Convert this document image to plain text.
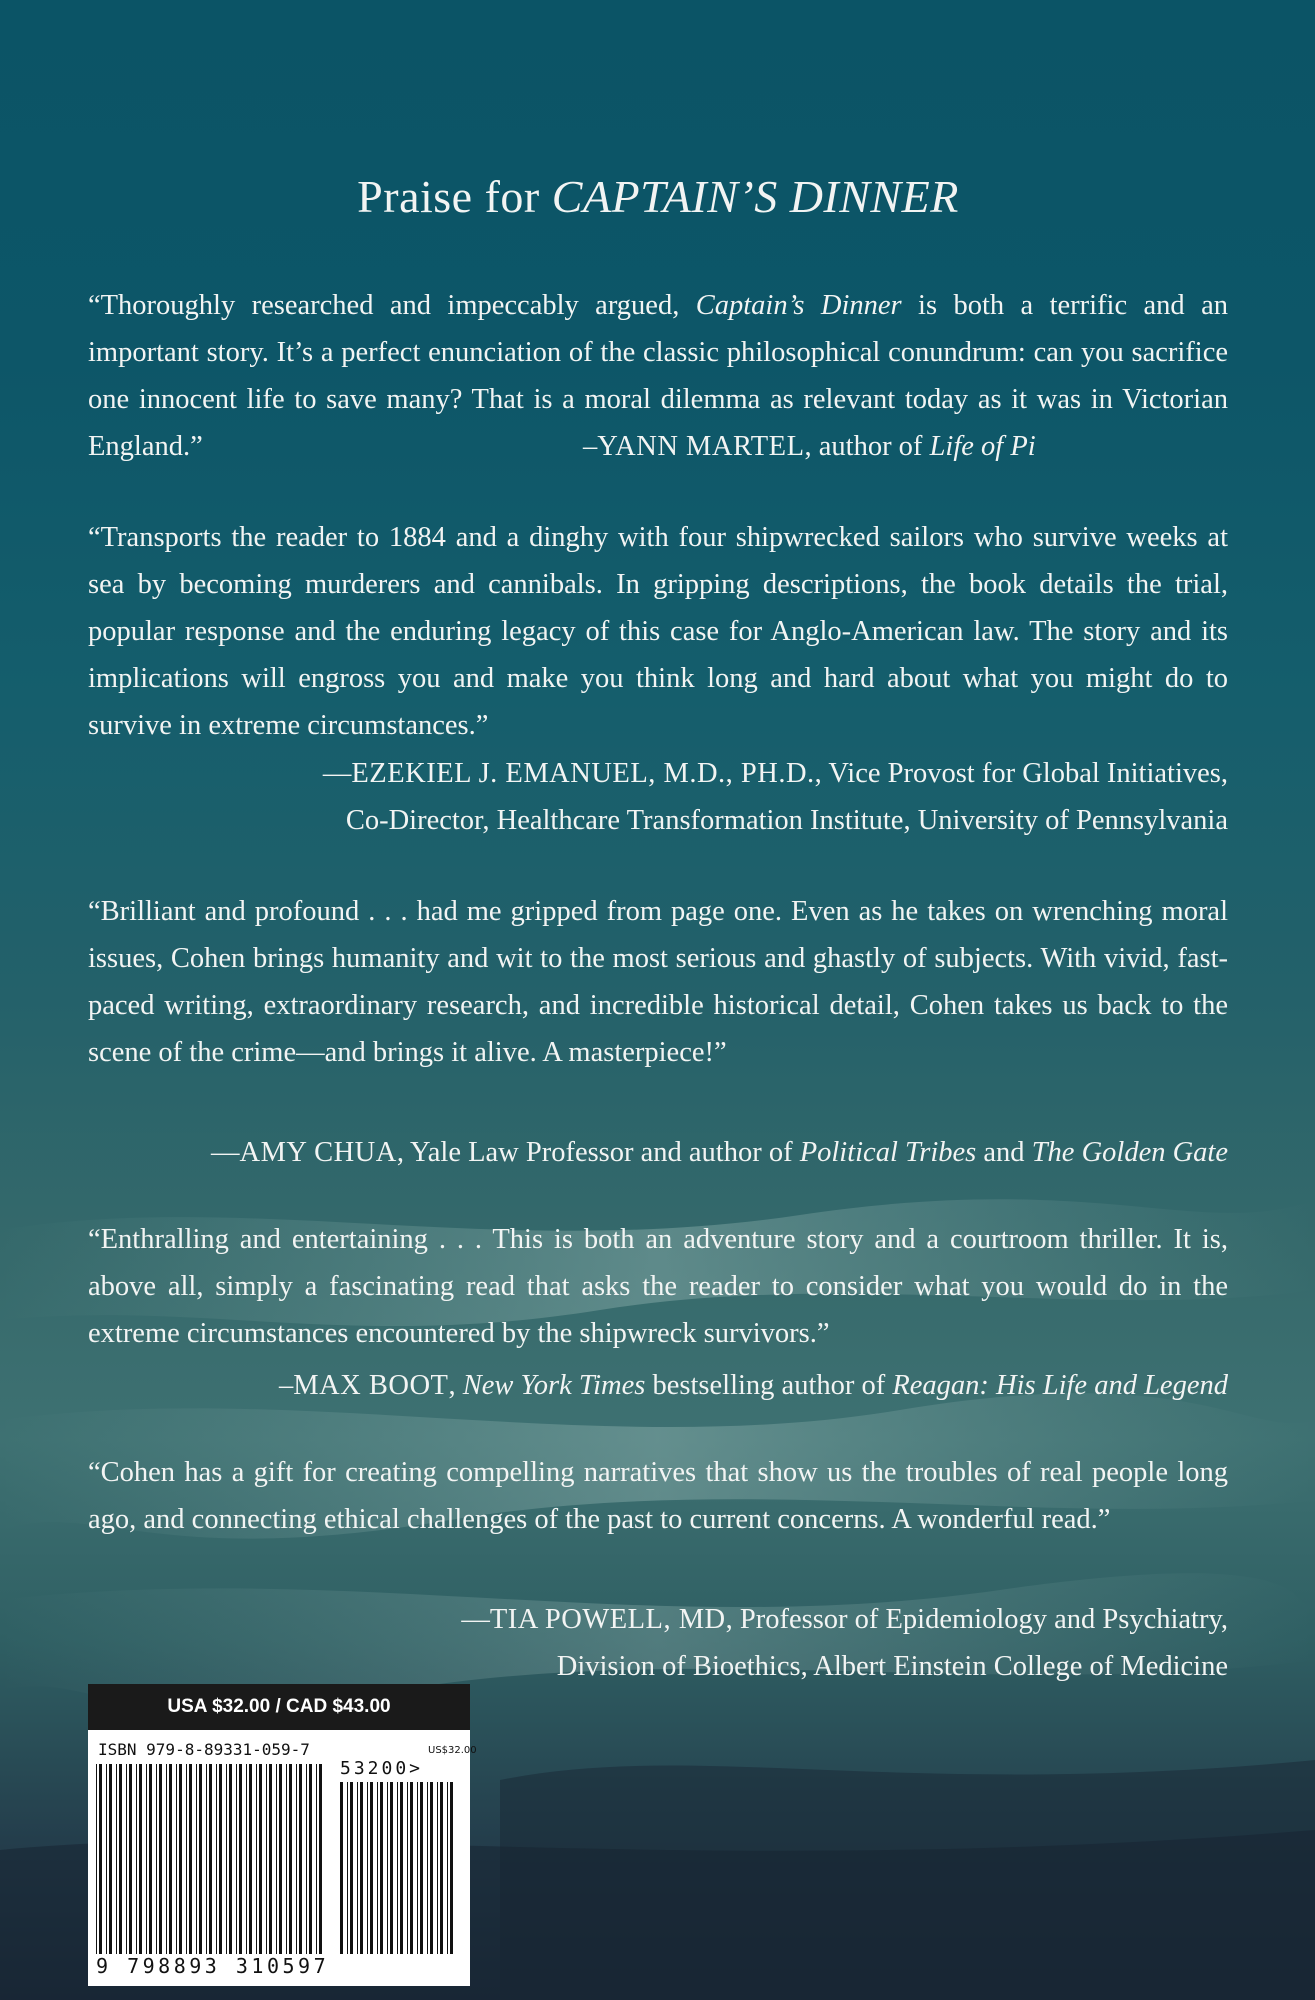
Praise for CAPTAIN’S DINNER
“Thoroughly researched and impeccably argued, Captain’s Dinner is both a terrific and an important story. It’s a perfect enunciation of the classic philosophical conundrum: can you sacrifice one innocent life to save many? That is a moral dilemma as relevant today as it was in Victorian England.”	–YANN MARTEL, author of Life of Pi
“Transports the reader to 1884 and a dinghy with four shipwrecked sailors who survive weeks at sea by becoming murderers and cannibals. In gripping descriptions, the book details the trial, popular response and the enduring legacy of this case for Anglo-American law. The story and its implications will engross you and make you think long and hard about what you might do to survive in extreme circumstances.”
—EZEKIEL J. EMANUEL, M.D., PH.D., Vice Provost for Global Initiatives,
Co-Director, Healthcare Transformation Institute, University of Pennsylvania
“Brilliant and profound . . . had me gripped from page one. Even as he takes on wrenching moral issues, Cohen brings humanity and wit to the most serious and ghastly of subjects. With vivid, fast-paced writing, extraordinary research, and incredible historical detail, Cohen takes us back to the scene of the crime—and brings it alive. A masterpiece!”
—AMY CHUA, Yale Law Professor and author of Political Tribes and The Golden Gate
“Enthralling and entertaining . . . This is both an adventure story and a courtroom thriller. It is, above all, simply a fascinating read that asks the reader to consider what you would do in the extreme circumstances encountered by the shipwreck survivors.”
–MAX BOOT, New York Times bestselling author of Reagan: His Life and Legend
“Cohen has a gift for creating compelling narratives that show us the troubles of real people long ago, and connecting ethical challenges of the past to current concerns. A wonderful read.”
—TIA POWELL, MD, Professor of Epidemiology and Psychiatry,
Division of Bioethics, Albert Einstein College of Medicine
USA $32.00 / CAD $43.00
ISBN 979-8-89331-059-7	US$32.00
53200>
9 798893 310597
